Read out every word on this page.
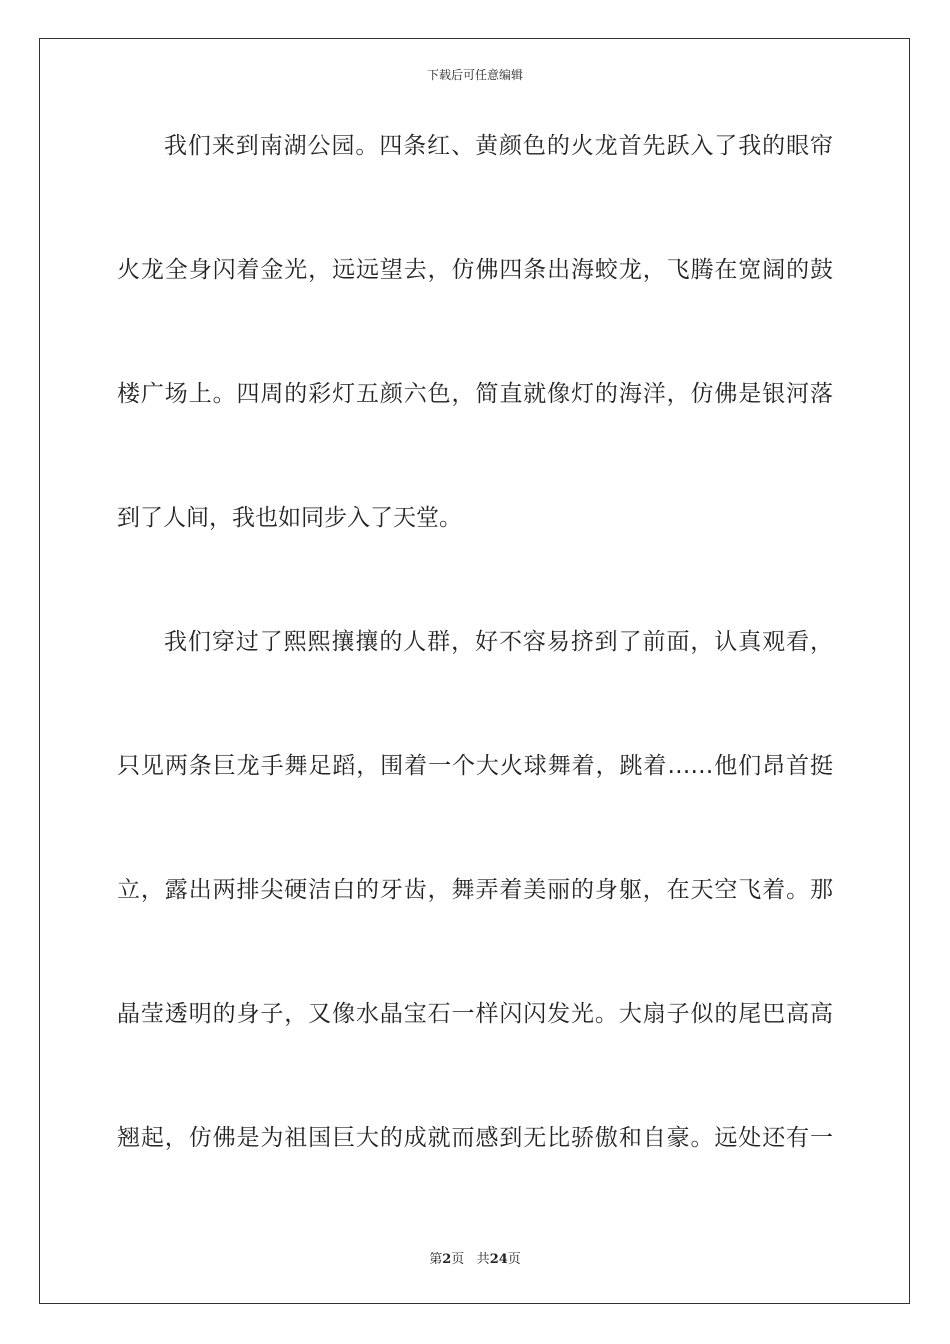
下载后可任意编辑

我们来到南湖公园。四条红、黄颜色的火龙首先跃入了我的眼帘

火龙全身闪着金光，远远望去，仿佛四条出海蛟龙，飞腾在宽阔的鼓

楼广场上。四周的彩灯五颜六色，简直就像灯的海洋，仿佛是银河落

到了人间，我也如同步入了天堂。

我们穿过了熙熙攘攘的人群，好不容易挤到了前面，认真观看，

只见两条巨龙手舞足蹈，围着一个大火球舞着，跳着……他们昂首挺

立，露出两排尖硬洁白的牙齿，舞弄着美丽的身躯，在天空飞着。那

晶莹透明的身子，又像水晶宝石一样闪闪发光。大扇子似的尾巴高高

翘起，仿佛是为祖国巨大的成就而感到无比骄傲和自豪。远处还有一

第2页 共24页
